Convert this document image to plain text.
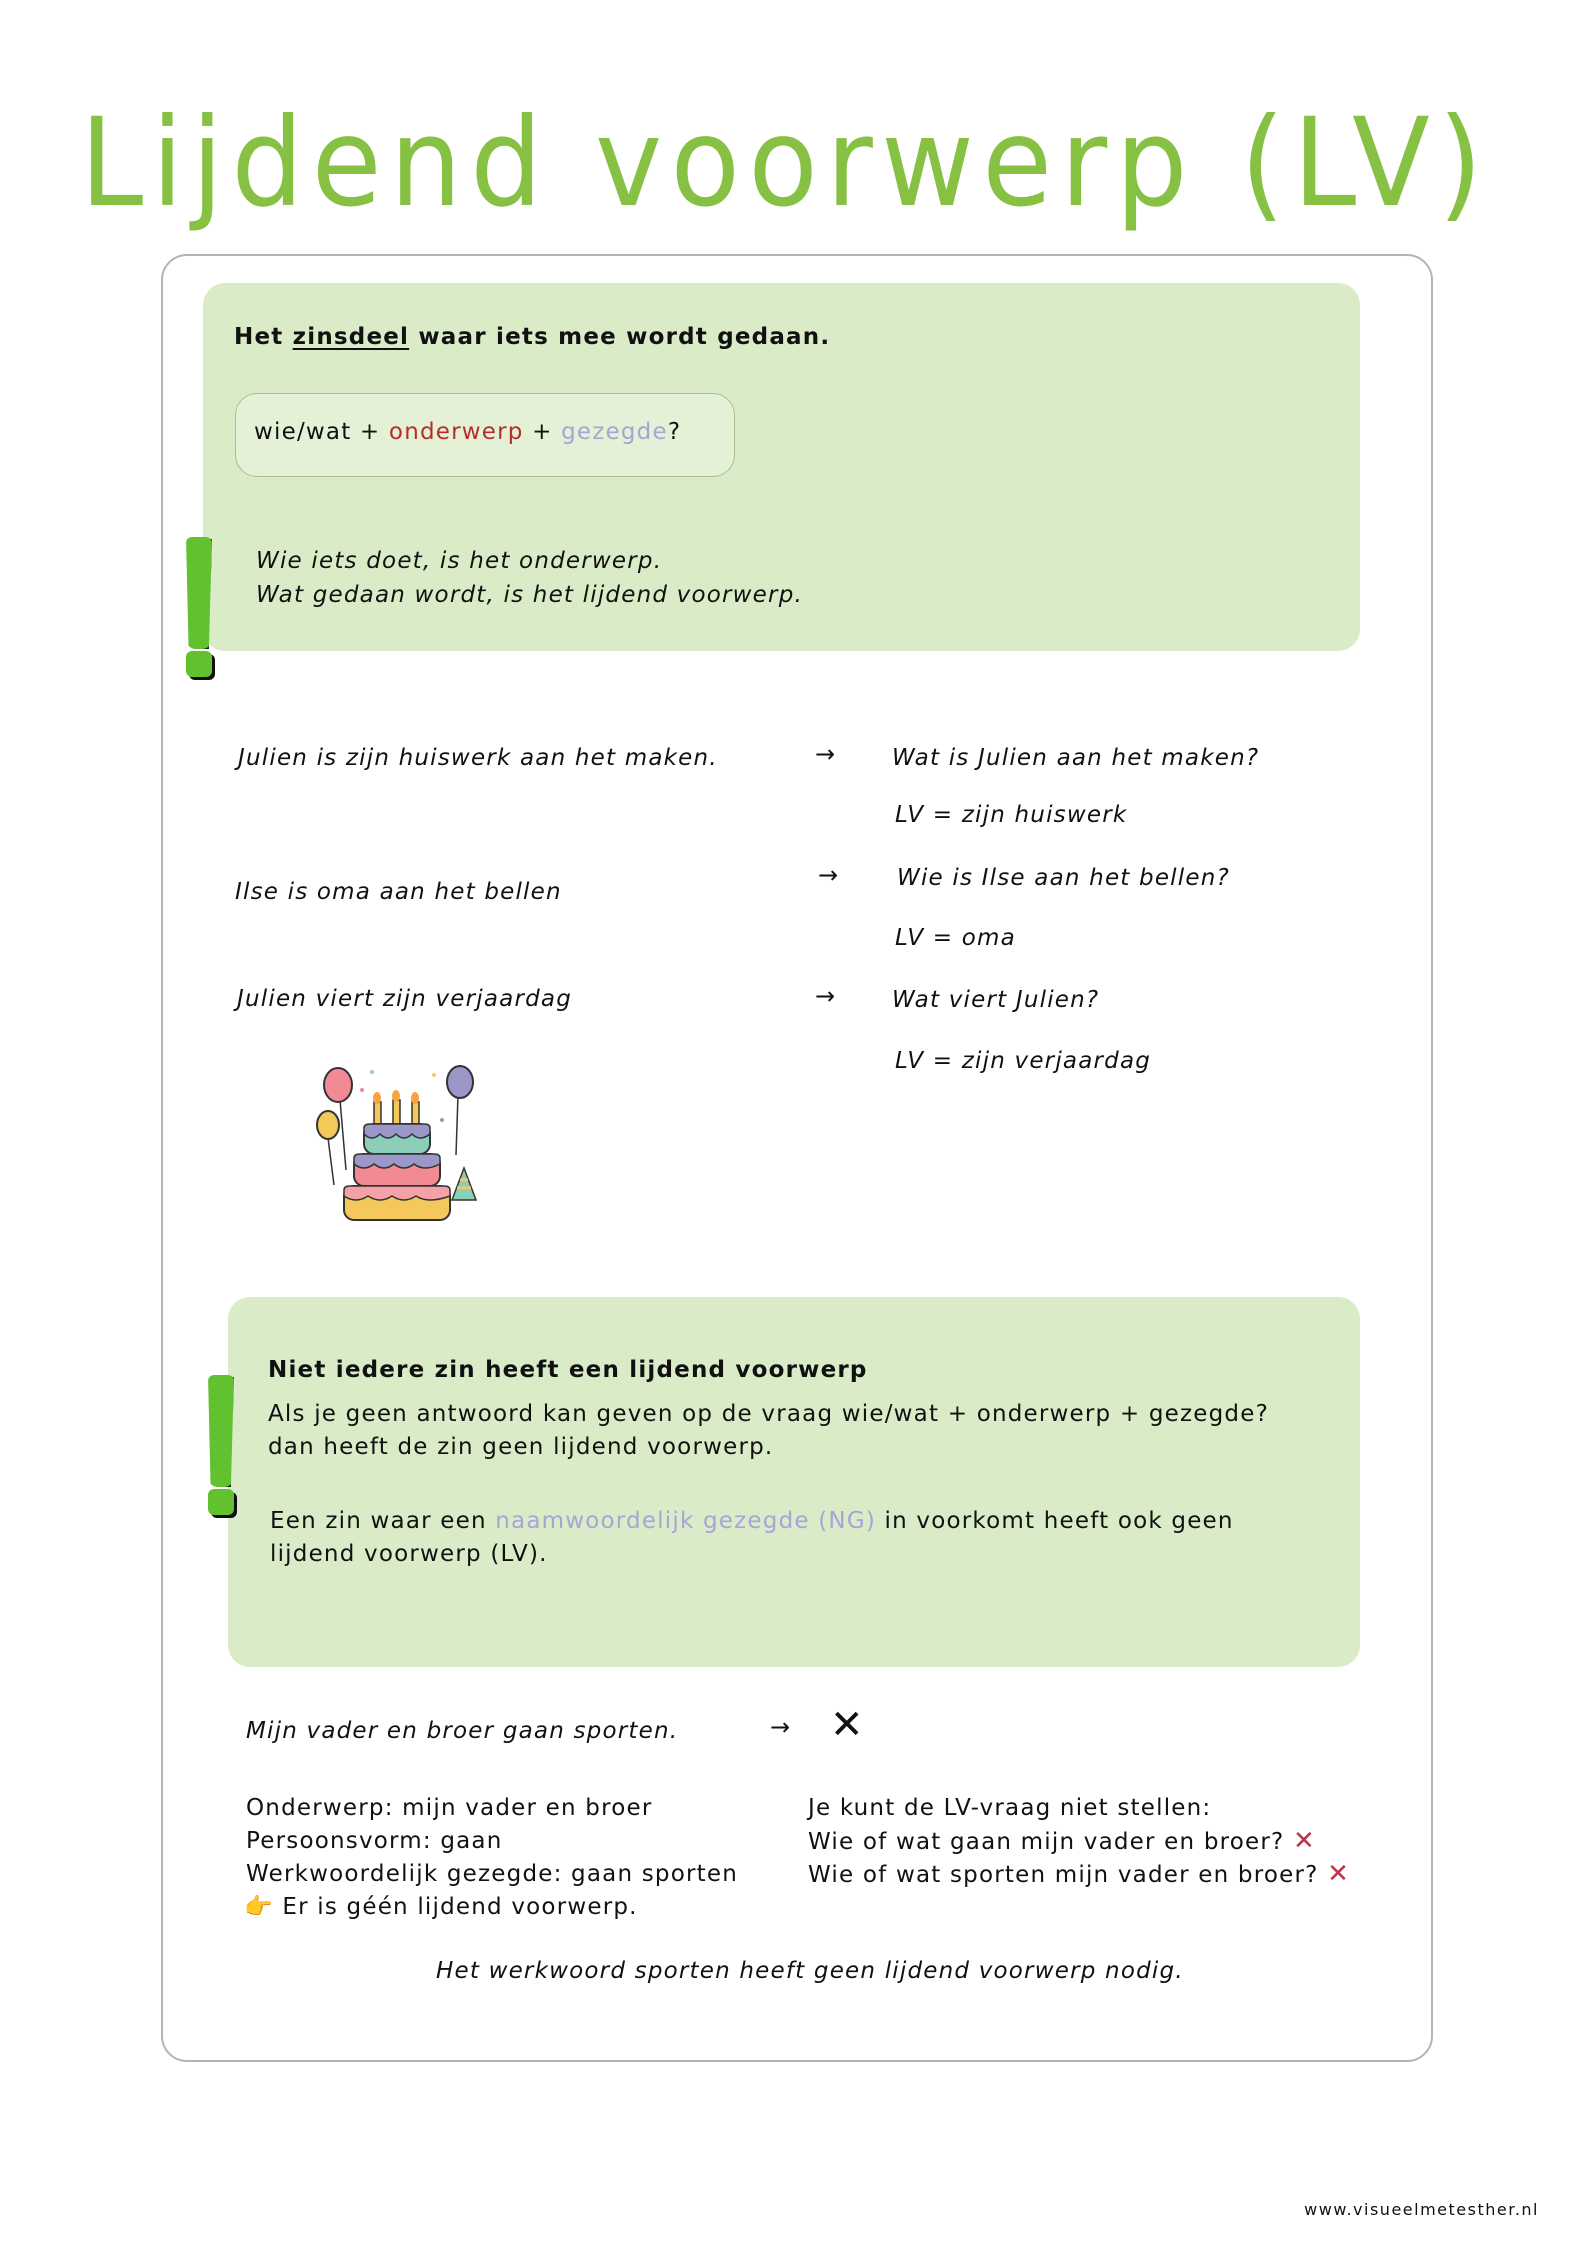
Lijdend voorwerp (LV)
Het zinsdeel waar iets mee wordt gedaan.
wie/wat + onderwerp + gezegde?
Wie iets doet, is het onderwerp.
Wat gedaan wordt, is het lijdend voorwerp.
Julien is zijn huiswerk aan het maken.	→ Wat is Julien aan het maken?
LV = zijn huiswerk
Ilse is oma aan het bellen
→	Wie is Ilse aan het bellen?
LV = oma
Julien viert zijn verjaardag	→ Wat viert Julien?
LV = zijn verjaardag
Niet iedere zin heeft een lijdend voorwerp
Als je geen antwoord kan geven op de vraag wie/wat + onderwerp + gezegde?
dan heeft de zin geen lijdend voorwerp.
Een zin waar een naamwoordelijk gezegde (NG) in voorkomt heeft ook geen
lijdend voorwerp (LV).
Mijn vader en broer gaan sporten.	→ ✕
Onderwerp: mijn vader en broer
Persoonsvorm: gaan
Werkwoordelijk gezegde: gaan sporten
👉 Er is géén lijdend voorwerp.
Je kunt de LV-vraag niet stellen:
Wie of wat gaan mijn vader en broer? ✕
Wie of wat sporten mijn vader en broer? ✕
Het werkwoord sporten heeft geen lijdend voorwerp nodig.
www.visueelmetesther.nl
